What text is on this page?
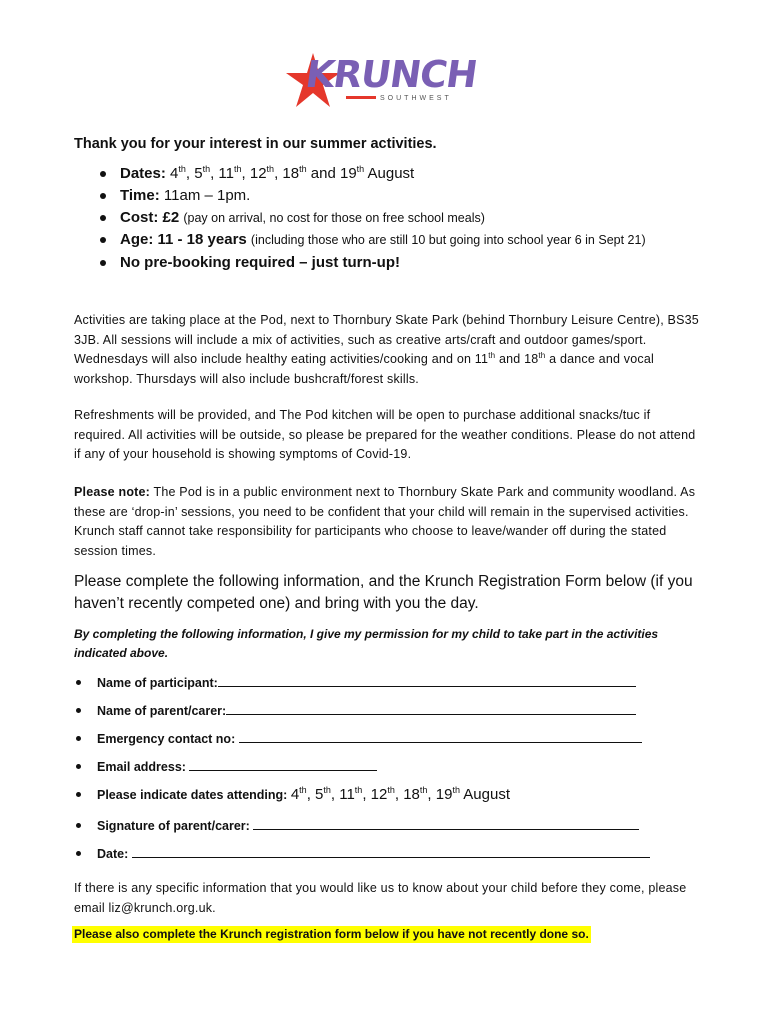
KRUNCH
SOUTHWEST
Thank you for your interest in our summer activities.
Dates: 4th, 5th, 11th, 12th, 18th and 19th August
Time: 11am – 1pm.
Cost: £2 (pay on arrival, no cost for those on free school meals)
Age: 11 - 18 years (including those who are still 10 but going into school year 6 in Sept 21)
No pre-booking required – just turn-up!
Activities are taking place at the Pod, next to Thornbury Skate Park (behind Thornbury Leisure Centre), BS35 3JB. All sessions will include a mix of activities, such as creative arts/craft and outdoor games/sport. Wednesdays will also include healthy eating activities/cooking and on 11th and 18th a dance and vocal workshop. Thursdays will also include bushcraft/forest skills.
Refreshments will be provided, and The Pod kitchen will be open to purchase additional snacks/tuc if required. All activities will be outside, so please be prepared for the weather conditions. Please do not attend if any of your household is showing symptoms of Covid-19.
Please note: The Pod is in a public environment next to Thornbury Skate Park and community woodland. As these are ‘drop-in’ sessions, you need to be confident that your child will remain in the supervised activities. Krunch staff cannot take responsibility for participants who choose to leave/wander off during the stated session times.
Please complete the following information, and the Krunch Registration Form below (if you haven’t recently competed one) and bring with you the day.
By completing the following information, I give my permission for my child to take part in the activities indicated above.
Name of participant:
Name of parent/carer:
Emergency contact no:
Email address:
Please indicate dates attending: 4th, 5th, 11th, 12th, 18th, 19th August
Signature of parent/carer:
Date:
If there is any specific information that you would like us to know about your child before they come, please email liz@krunch.org.uk.
Please also complete the Krunch registration form below if you have not recently done so.
